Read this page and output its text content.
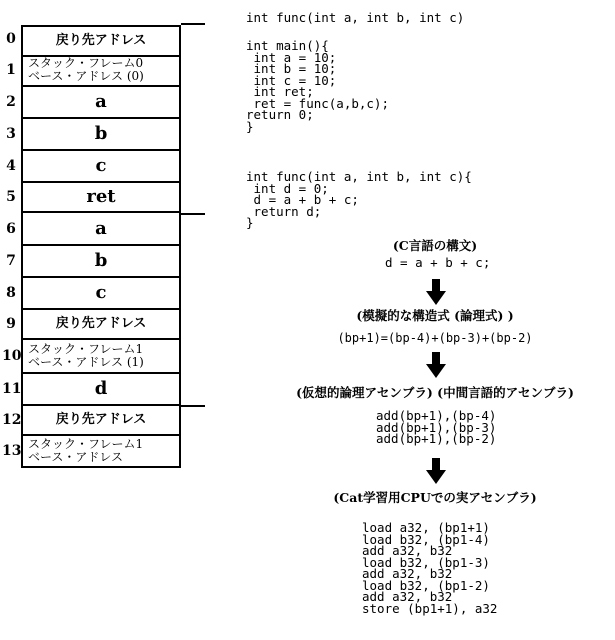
0	戻り先アドレス
1	スタック・フレーム0
ベース・アドレス (0)
2	a
3	b
4	c
5	ret
6	a
7	b
8	c
9	戻り先アドレス
10 スタック・フレーム1
ベース・アドレス (1)
11	d
12	戻り先アドレス
13 スタック・フレーム1
ベース・アドレス
int func(int a, int b, int c)
int main(){
int a = 10;
int b = 10;
int c = 10;
int ret;
ret = func(a,b,c);
return 0;
}
int func(int a, int b, int c){
int d = 0;
d = a + b + c;
return d;
}
(C言語の構文)
d = a + b + c;
(模擬的な構造式 (論理式) )
(bp+1)=(bp-4)+(bp-3)+(bp-2)
(仮想的論理アセンブラ) (中間言語的アセンブラ)
add(bp+1),(bp-4)
add(bp+1),(bp-3)
add(bp+1),(bp-2)
(Cat学習用CPUでの実アセンブラ)
load a32, (bp1+1)
load b32, (bp1-4)
add a32, b32
load b32, (bp1-3)
add a32, b32
load b32, (bp1-2)
add a32, b32
store (bp1+1), a32
